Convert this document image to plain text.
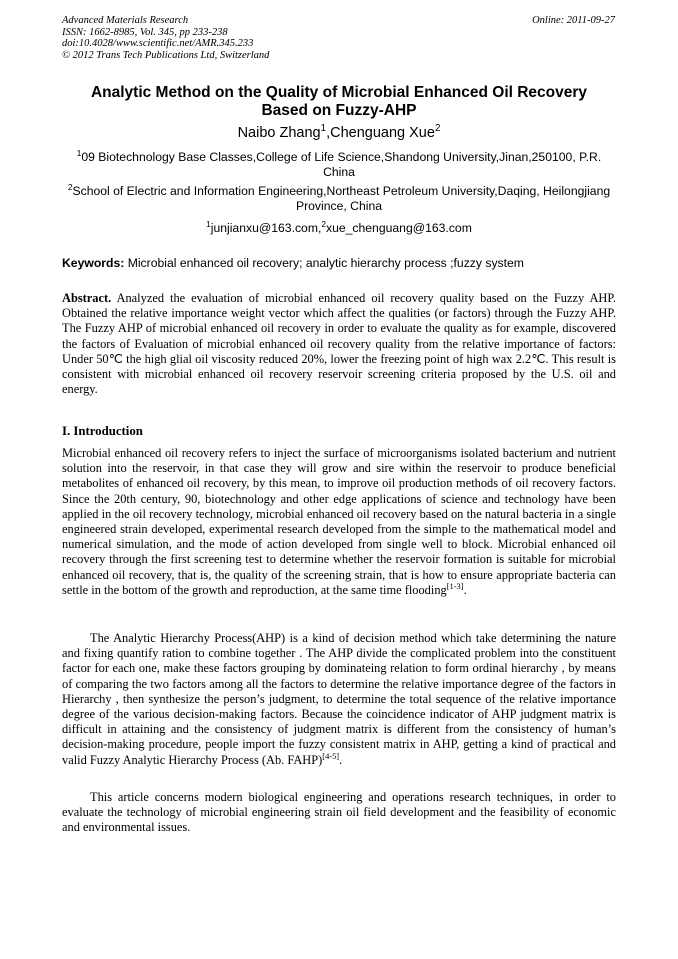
Advanced Materials Research
ISSN: 1662-8985, Vol. 345, pp 233-238
doi:10.4028/www.scientific.net/AMR.345.233
© 2012 Trans Tech Publications Ltd, Switzerland
Online: 2011-09-27
Analytic Method on the Quality of Microbial Enhanced Oil Recovery
Based on Fuzzy-AHP
Naibo Zhang$^1$,Chenguang Xue$^2$
$^1$09 Biotechnology Base Classes,College of Life Science,Shandong University,Jinan,250100, P.R. China
$^2$School of Electric and Information Engineering,Northeast Petroleum University,Daqing, Heilongjiang Province, China
$^1$junjianxu@163.com,$^2$xue_chenguang@163.com
Keywords: Microbial enhanced oil recovery; analytic hierarchy process ;fuzzy system

Abstract. Analyzed the evaluation of microbial enhanced oil recovery quality based on the Fuzzy AHP. Obtained the relative importance weight vector which affect the qualities (or factors) through the Fuzzy AHP. The Fuzzy AHP of microbial enhanced oil recovery in order to evaluate the quality as for example, discovered the factors of Evaluation of microbial enhanced oil recovery quality from the relative importance of factors: Under 50℃ the high glial oil viscosity reduced 20%, lower the freezing point of high wax 2.2℃. This result is consistent with microbial enhanced oil recovery reservoir screening criteria proposed by the U.S. oil and energy.

I. Introduction

Microbial enhanced oil recovery refers to inject the surface of microorganisms isolated bacterium and nutrient solution into the reservoir, in that case they will grow and sire within the reservoir to produce beneficial metabolites of enhanced oil recovery, by this mean, to improve oil production methods of oil recovery factors. Since the 20th century, 90, biotechnology and other edge applications of science and technology have been applied in the oil recovery technology, microbial enhanced oil recovery based on the natural bacteria in a single engineered strain developed, experimental research developed from the simple to the mathematical model and numerical simulation, and the mode of action developed from single well to block. Microbial enhanced oil recovery through the first screening test to determine whether the reservoir formation is suitable for microbial enhanced oil recovery, that is, the quality of the screening strain, that is how to ensure appropriate bacteria can settle in the bottom of the growth and reproduction, at the same time flooding[1-3].

The Analytic Hierarchy Process(AHP) is a kind of decision method which take determining the nature and fixing quantify ration to combine together . The AHP divide the complicated problem into the constituent factor for each one, make these factors grouping by dominateing relation to form ordinal hierarchy , by means of comparing the two factors among all the factors to determine the relative importance degree of the factors in Hierarchy , then synthesize the person’s judgment, to determine the total sequence of the relative importance degree of the various decision-making factors. Because the coincidence indicator of AHP judgment matrix is difficult in attaining and the consistency of judgment matrix is different from the consistency of human’s decision-making procedure, people import the fuzzy consistent matrix in AHP, getting a kind of practical and valid Fuzzy Analytic Hierarchy Process (Ab. FAHP)[4-5].

This article concerns modern biological engineering and operations research techniques, in order to evaluate the technology of microbial engineering strain oil field development and the feasibility of economic and environmental issues.
